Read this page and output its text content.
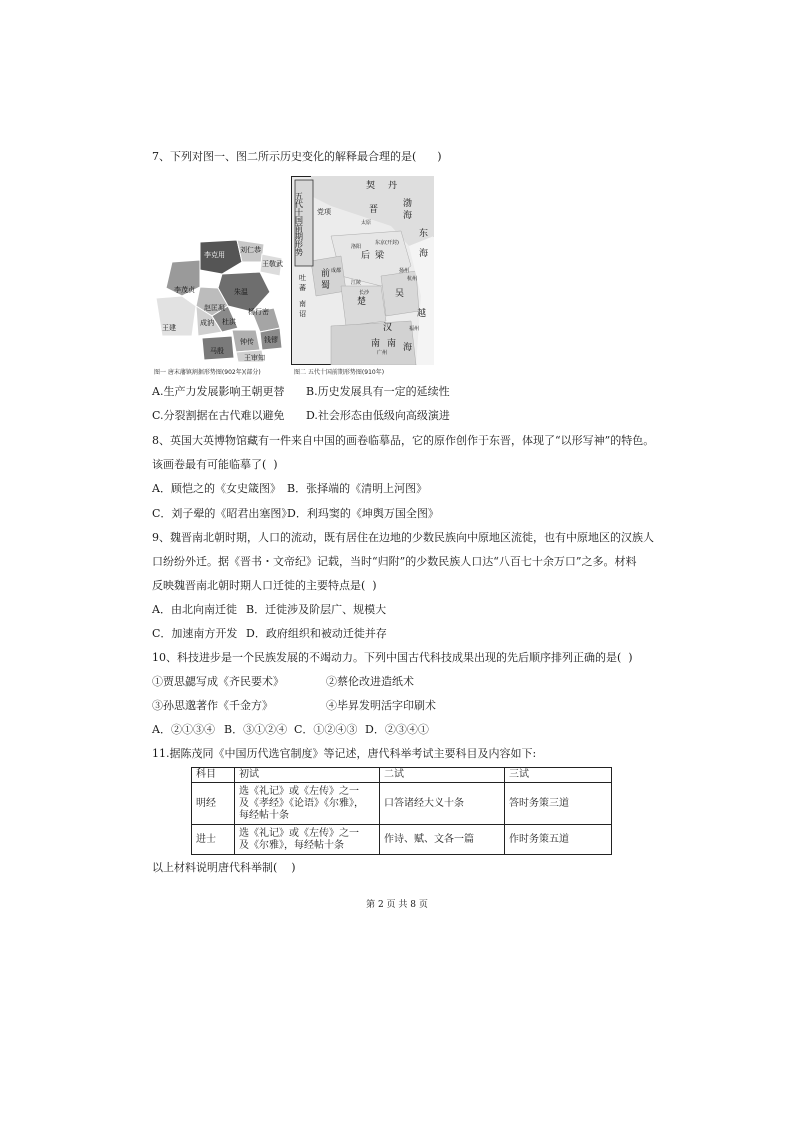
7、下列对图一、图二所示历史变化的解释最合理的是(      )
李克用
刘仁恭
王敬武
李茂贞	朱温
赵匡凝	杨行密
王建
成汭 杜洪
钱镠
钟传
马殷
王审知
图一 唐末藩镇割据形势图(902年)(部分)
五代十国前期形势
契 丹
晋
渤
海
东
海
后 梁
前
蜀
楚
吴
汉
南
越
南 海
党项
吐
蕃
南
诏
太原
东京(开封)
成都
长沙
杭州
江陵
广州
福州
扬州
洛阳
图二 五代十国前期形势图(910年)
A.生产力发展影响王朝更替 B.历史发展具有一定的延续性
C.分裂割据在古代难以避免 D.社会形态由低级向高级演进
8、英国大英博物馆藏有一件来自中国的画卷临摹品，它的原作创作于东晋，体现了“以形写神”的特色。
该画卷最有可能临摹了(  )
A．顾恺之的《女史箴图》 B．张择端的《清明上河图》
C．刘子翚的《昭君出塞图》
D．利玛窦的《坤舆万国全图》
9、魏晋南北朝时期，人口的流动，既有居住在边地的少数民族向中原地区流徙，也有中原地区的汉族人
口纷纷外迁。据《晋书・文帝纪》记载，当时“归附”的少数民族人口达“八百七十余万口”之多。材料
反映魏晋南北朝时期人口迁徙的主要特点是(  )
A．由北向南迁徙 B．迁徙涉及阶层广、规模大
C．加速南方开发 D．政府组织和被动迁徙并存
10、科技进步是一个民族发展的不竭动力。下列中国古代科技成果出现的先后顺序排列正确的是(  )
①贾思勰写成《齐民要术》	②蔡伦改进造纸术
③孙思邈著作《千金方》	④毕昇发明活字印刷术
A．②①③④ B．③①②④ C．①②④③ D．②③④①
11.据陈茂同《中国历代选官制度》等记述，唐代科举考试主要科目及内容如下:
科目	初试	二试	三试
明经	选《礼记》或《左传》之一
及《孝经》《论语》《尔雅》，
每经帖十条	口答诸经大义十条	答时务策三道
进士	选《礼记》或《左传》之一
及《尔雅》，每经帖十条	作诗、赋、文各一篇	作时务策五道
以上材料说明唐代科举制(    )
第 2 页 共 8 页
